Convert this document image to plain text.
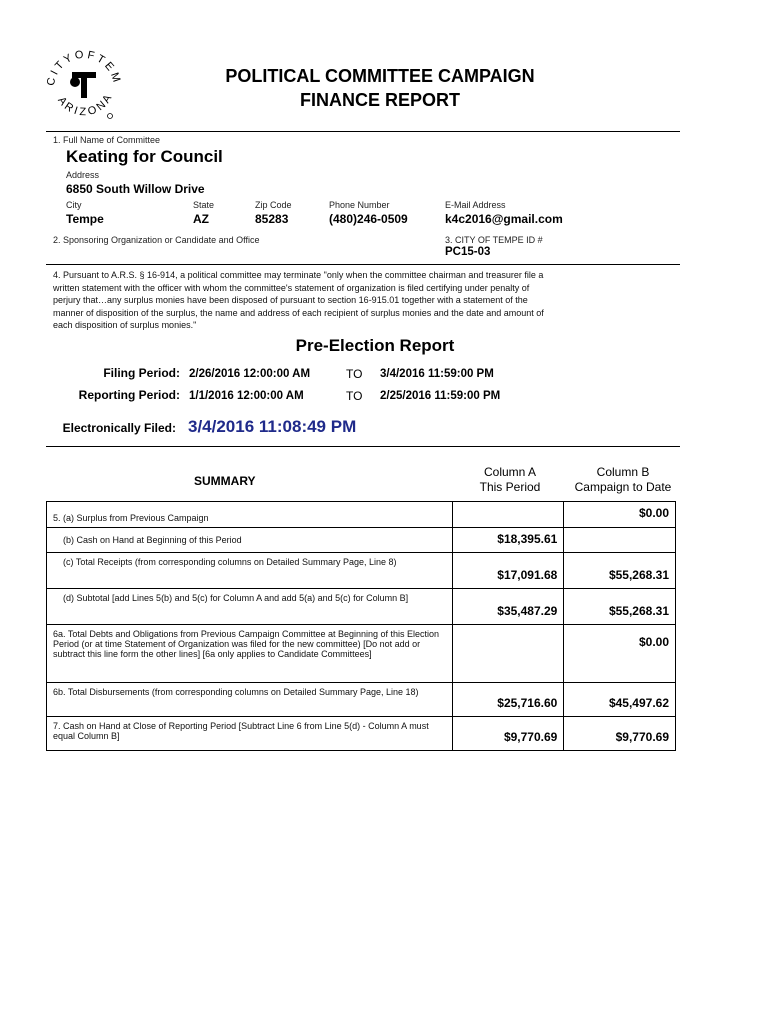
C I T Y O F T E M
A R I Z O N A
POLITICAL COMMITTEE CAMPAIGN
FINANCE REPORT
1. Full Name of Committee
Keating for Council
Address
6850 South Willow Drive
City
Tempe
State
AZ
Zip Code
85283
Phone Number
(480)246-0509
E-Mail Address
k4c2016@gmail.com
2. Sponsoring Organization or Candidate and Office	3. CITY OF TEMPE ID #
PC15-03
4. Pursuant to A.R.S. § 16-914, a political committee may terminate "only when the committee chairman and treasurer file a
written statement with the officer with whom the committee's statement of organization is filed certifying under penalty of
perjury that…any surplus monies have been disposed of pursuant to section 16-915.01 together with a statement of the
manner of disposition of the surplus, the name and address of each recipient of surplus monies and the date and amount of
each disposition of surplus monies."
Pre-Election Report
Filing Period: 2/26/2016 12:00:00 AM	TO 3/4/2016 11:59:00 PM
Reporting Period: 1/1/2016 12:00:00 AM	TO 2/25/2016 11:59:00 PM
Electronically Filed: 3/4/2016 11:08:49 PM
SUMMARY
Column A
This Period
Column B
Campaign to Date
5. (a) Surplus from Previous Campaign		$0.00
(b) Cash on Hand at Beginning of this Period	$18,395.61	
(c) Total Receipts (from corresponding columns on Detailed Summary Page, Line 8)	$17,091.68	$55,268.31
(d) Subtotal [add Lines 5(b) and 5(c) for Column A and add 5(a) and 5(c) for Column B]	$35,487.29	$55,268.31
6a. Total Debts and Obligations from Previous Campaign Committee at Beginning of this Election Period (or at time Statement of Organization was filed for the new committee) [Do not add or subtract this line form the other lines] [6a only applies to Candidate Committees]		$0.00
6b. Total Disbursements (from corresponding columns on Detailed Summary Page, Line 18)	$25,716.60	$45,497.62
7. Cash on Hand at Close of Reporting Period [Subtract Line 6 from Line 5(d) - Column A must equal Column B]	$9,770.69	$9,770.69
